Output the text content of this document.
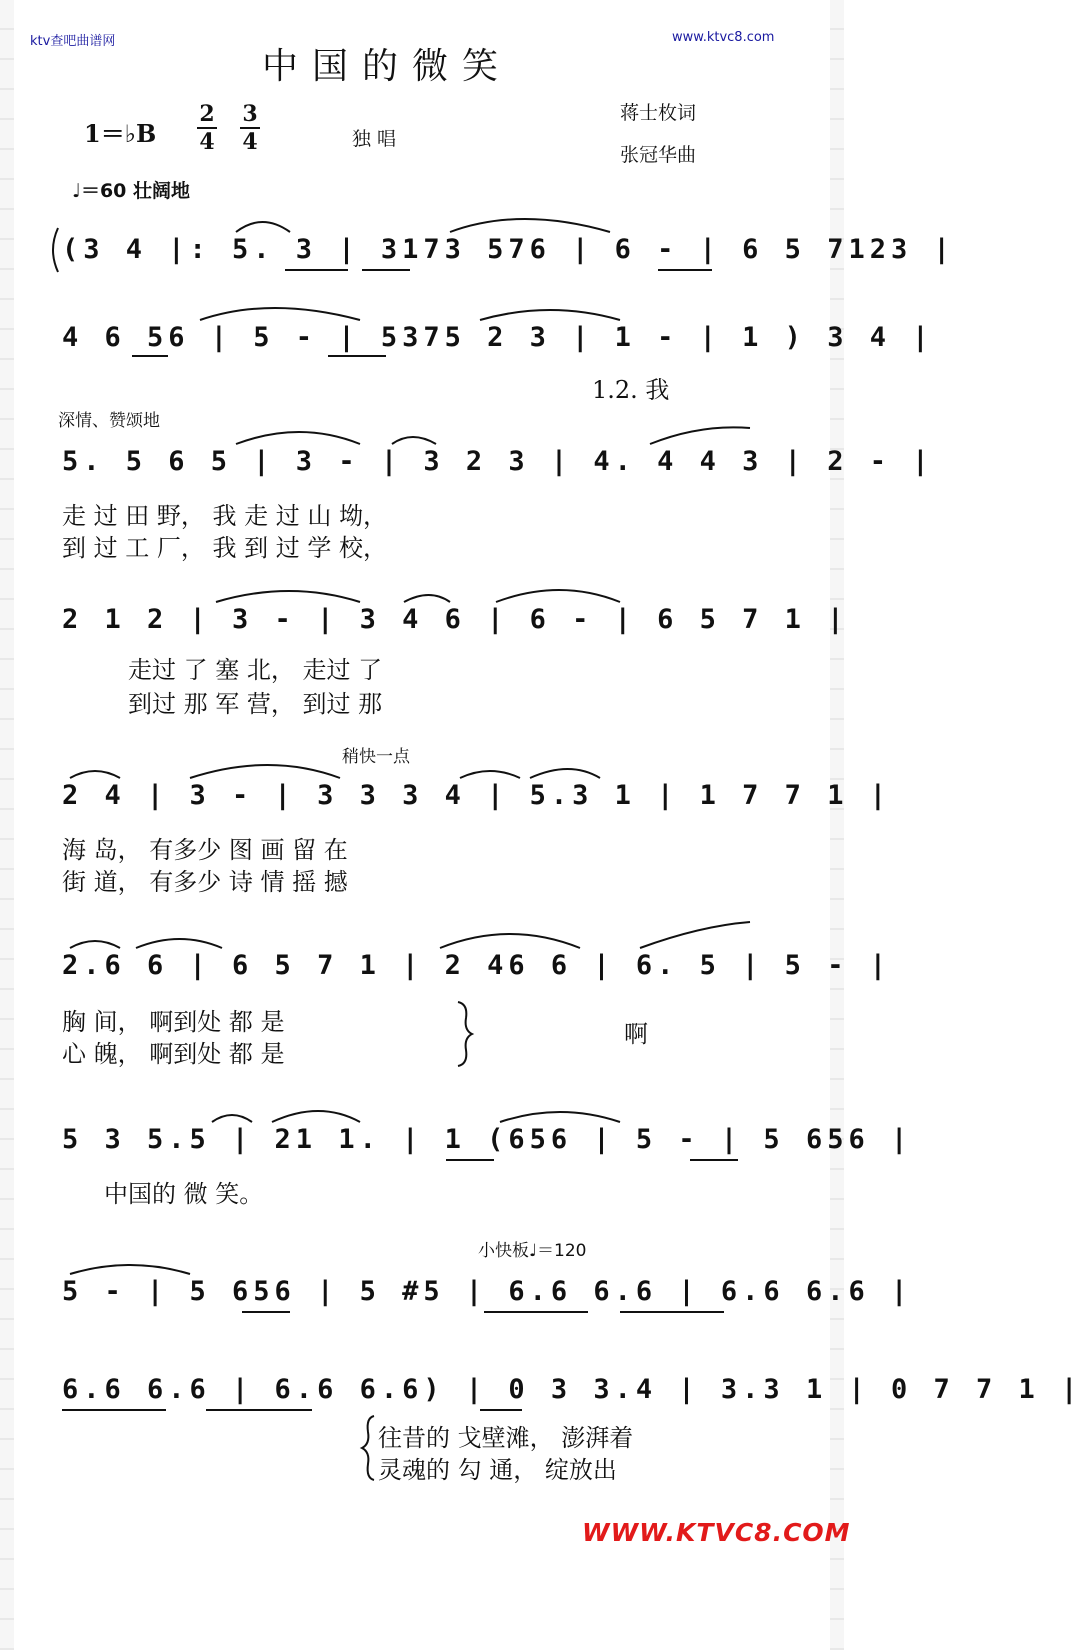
ktv查吧曲谱网	www.ktvc8.com
中国的微笑
1＝♭B
2
4
3
4	独 唱
蒋士枚词
张冠华曲
♩＝60 壮阔地
(3 4 |: 5. 3 | 3173 576 | 6 - | 6 5 7123 |
4 6 56 | 5 - | 5375 2 3 | 1 - | 1 ) 3 4 |
1.2. 我
深情、赞颂地
5. 5 6 5 | 3 - | 3 2 3 | 4. 4 4 3 | 2 - |
走 过 田 野， 我 走 过 山 坳，
到 过 工 厂， 我 到 过 学 校，
2 1 2 | 3 - | 3 4 6 | 6 - | 6 5 7 1 |
走过 了 塞 北， 走过 了
到过 那 军 营， 到过 那
稍快一点
2 4 | 3 - | 3 3 3 4 | 5.3 1 | 1 7 7 1 |
海 岛， 有多少 图 画 留 在
街 道， 有多少 诗 情 摇 撼
2.6 6 | 6 5 7 1 | 2 46 6 | 6. 5 | 5 - |
胸 间， 啊到处 都 是
心 魄， 啊到处 都 是
啊
5 3 5.5 | 21 1. | 1 (656 | 5 - | 5 656 |
中国的 微 笑。
小快板♩＝120
5 - | 5 656 | 5 #5 | 6.6 6.6 | 6.6 6.6 |
6.6 6.6 | 6.6 6.6) | 0 3 3.4 | 3.3 1 | 0 7 7 1 |
往昔的 戈壁滩， 澎湃着
灵魂的 勾 通， 绽放出
WWW.KTVC8.COM
